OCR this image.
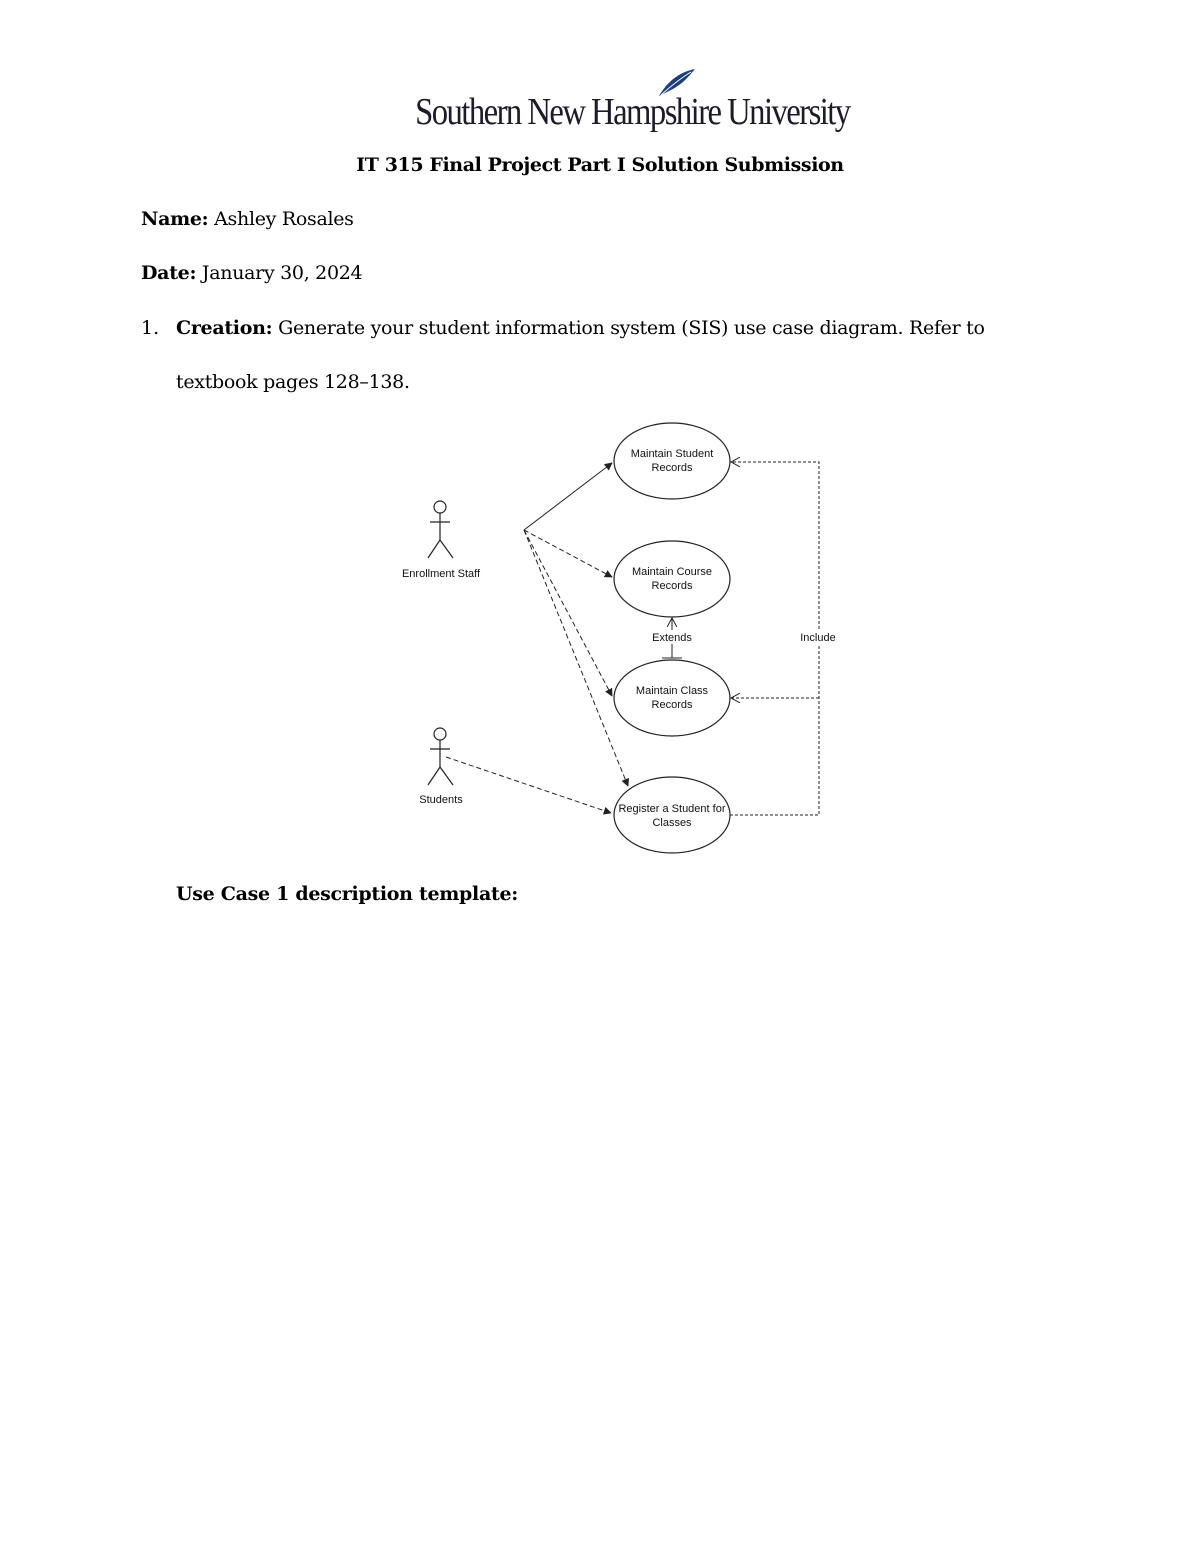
Southern New Hampshire University
IT 315 Final Project Part I Solution Submission
Name: Ashley Rosales
Date: January 30, 2024
1. Creation: Generate your student information system (SIS) use case diagram. Refer to
textbook pages 128–138.
Enrollment Staff
Students
Maintain Student
Records
Maintain Course
Records
Maintain Class
Records
Register a Student for
Classes
Extends	Include
Use Case 1 description template:
